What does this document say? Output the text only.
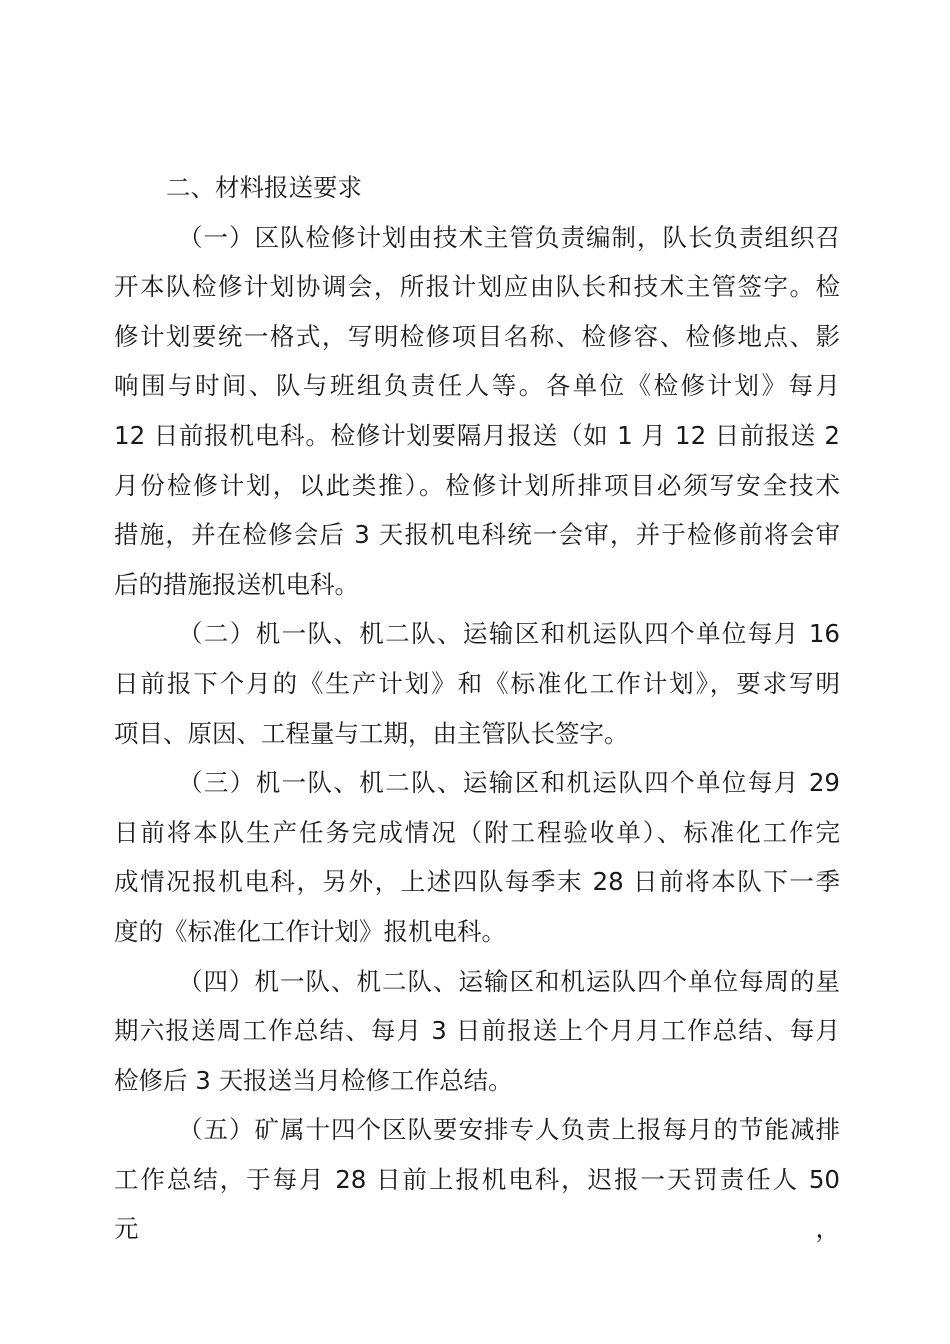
二、材料报送要求
（一）区队检修计划由技术主管负责编制，队长负责组织召
开本队检修计划协调会，所报计划应由队长和技术主管签字。检
修计划要统一格式，写明检修项目名称、检修容、检修地点、影
响围与时间、队与班组负责任人等。各单位《检修计划》每月
12 日前报机电科。检修计划要隔月报送（如 1 月 12 日前报送 2
月份检修计划，以此类推）。检修计划所排项目必须写安全技术
措施，并在检修会后 3 天报机电科统一会审，并于检修前将会审
后的措施报送机电科。
（二）机一队、机二队、运输区和机运队四个单位每月 16
日前报下个月的《生产计划》和《标准化工作计划》，要求写明
项目、原因、工程量与工期，由主管队长签字。
（三）机一队、机二队、运输区和机运队四个单位每月 29
日前将本队生产任务完成情况（附工程验收单）、标准化工作完
成情况报机电科，另外，上述四队每季末 28 日前将本队下一季
度的《标准化工作计划》报机电科。
（四）机一队、机二队、运输区和机运队四个单位每周的星
期六报送周工作总结、每月 3 日前报送上个月月工作总结、每月
检修后 3 天报送当月检修工作总结。
（五）矿属十四个区队要安排专人负责上报每月的节能减排
工作总结，于每月 28 日前上报机电科，迟报一天罚责任人 50 元，
